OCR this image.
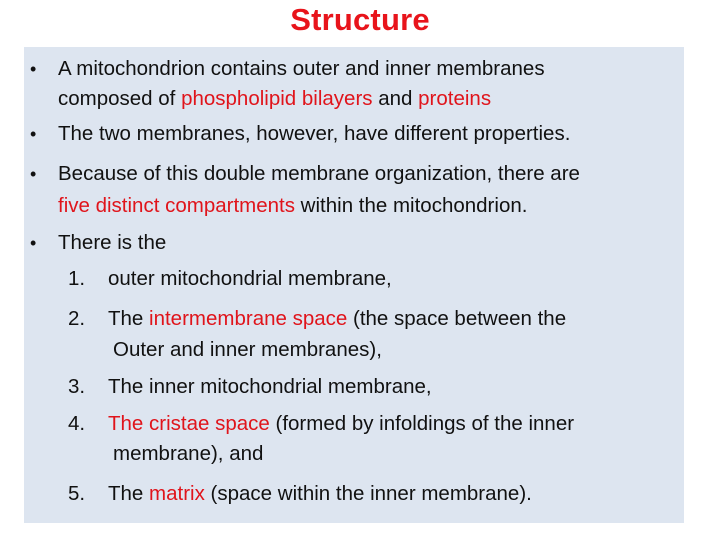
Structure
• A mitochondrion contains outer and inner membranes
composed of phospholipid bilayers and proteins
• The two membranes, however, have different properties.
• Because of this double membrane organization, there are
five distinct compartments within the mitochondrion.
• There is the
1. outer mitochondrial membrane,
2. The intermembrane space (the space between the
Outer and inner membranes),
3. The inner mitochondrial membrane,
4. The cristae space (formed by infoldings of the inner
membrane), and
5. The matrix (space within the inner membrane).
